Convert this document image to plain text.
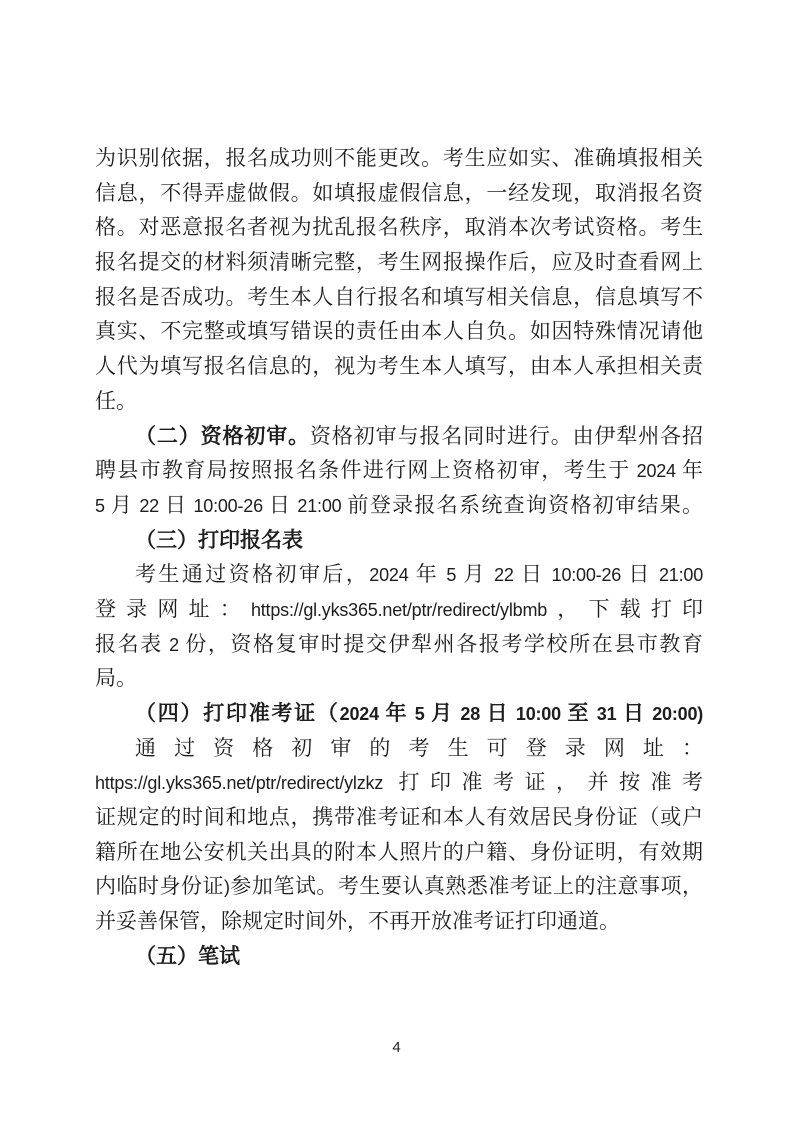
为识别依据，报名成功则不能更改。考生应如实、准确填报相关
信息，不得弄虚做假。如填报虚假信息，一经发现，取消报名资
格。对恶意报名者视为扰乱报名秩序，取消本次考试资格。考生
报名提交的材料须清晰完整，考生网报操作后，应及时查看网上
报名是否成功。考生本人自行报名和填写相关信息，信息填写不
真实、不完整或填写错误的责任由本人自负。如因特殊情况请他
人代为填写报名信息的，视为考生本人填写，由本人承担相关责
任。
（二）资格初审。资格初审与报名同时进行。由伊犁州各招
聘县市教育局按照报名条件进行网上资格初审，考生于 2024 年
5 月 22 日 10:00-26 日 21:00 前登录报名系统查询资格初审结果。
（三）打印报名表
考生通过资格初审后，2024 年 5 月 22 日 10:00-26 日 21:00
登录网址：https://gl.yks365.net/ptr/redirect/ylbmb，下载打印
报名表 2 份，资格复审时提交伊犁州各报考学校所在县市教育
局。
（四）打印准考证（2024 年 5 月 28 日 10:00 至 31 日 20:00)
通过资格初审的考生可登录网址：
https://gl.yks365.net/ptr/redirect/ylzkz 打印准考证，并按准考
证规定的时间和地点，携带准考证和本人有效居民身份证（或户
籍所在地公安机关出具的附本人照片的户籍、身份证明，有效期
内临时身份证)参加笔试。考生要认真熟悉准考证上的注意事项，
并妥善保管，除规定时间外，不再开放准考证打印通道。
（五）笔试
4
